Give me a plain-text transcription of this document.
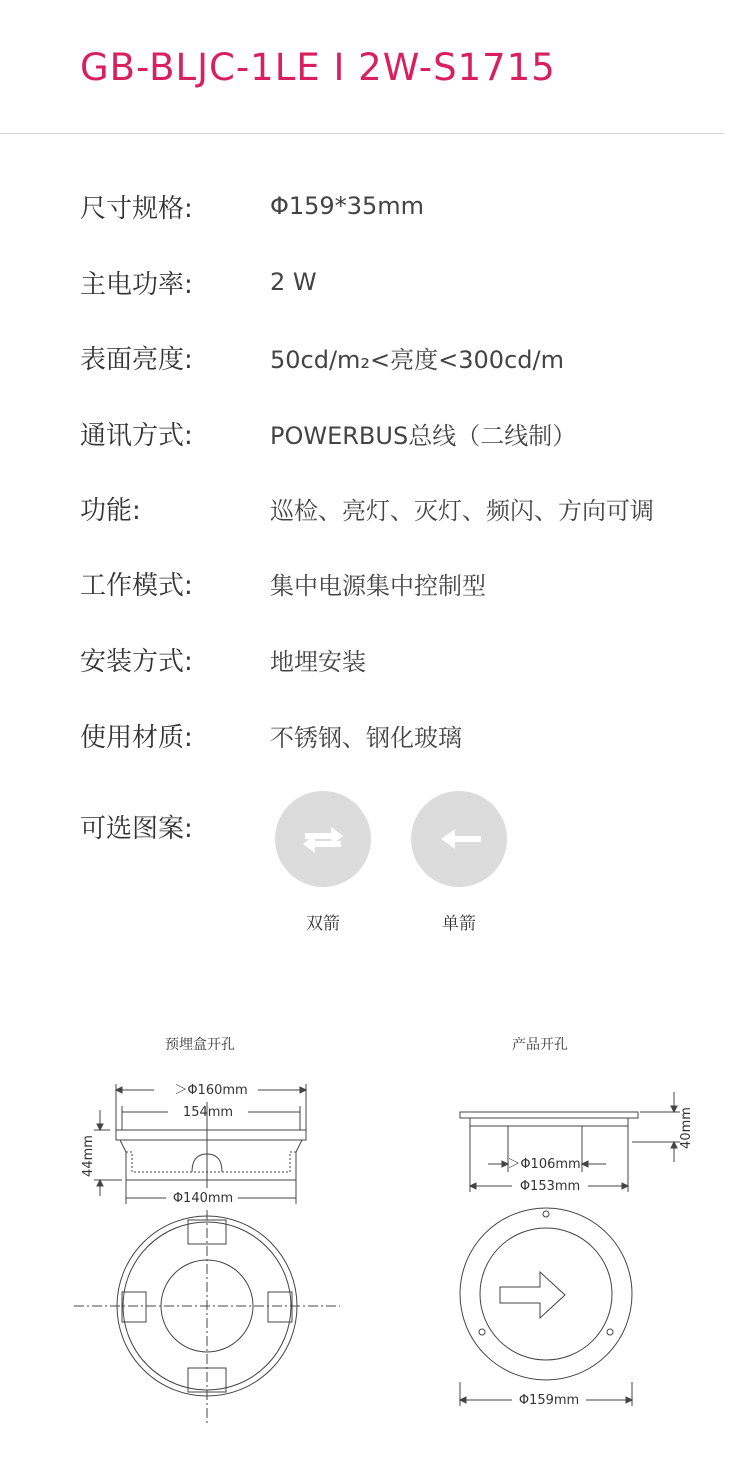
GB-BLJC-1LE Ⅰ 2W-S1715
尺寸规格:	Φ159*35mm
主电功率:	2 W
表面亮度:	50cd/m₂<亮度<300cd/m
通讯方式:	POWERBUS总线（二线制）
功能:	巡检、亮灯、灭灯、频闪、方向可调
工作模式:	集中电源集中控制型
安装方式:	地埋安装
使用材质:	不锈钢、钢化玻璃
可选图案:
双箭	单箭
预埋盒开孔	产品开孔
＞Φ160mm
154mm
44mm
Φ140mm
40mm
＞Φ106mm
Φ153mm
Φ159mm
